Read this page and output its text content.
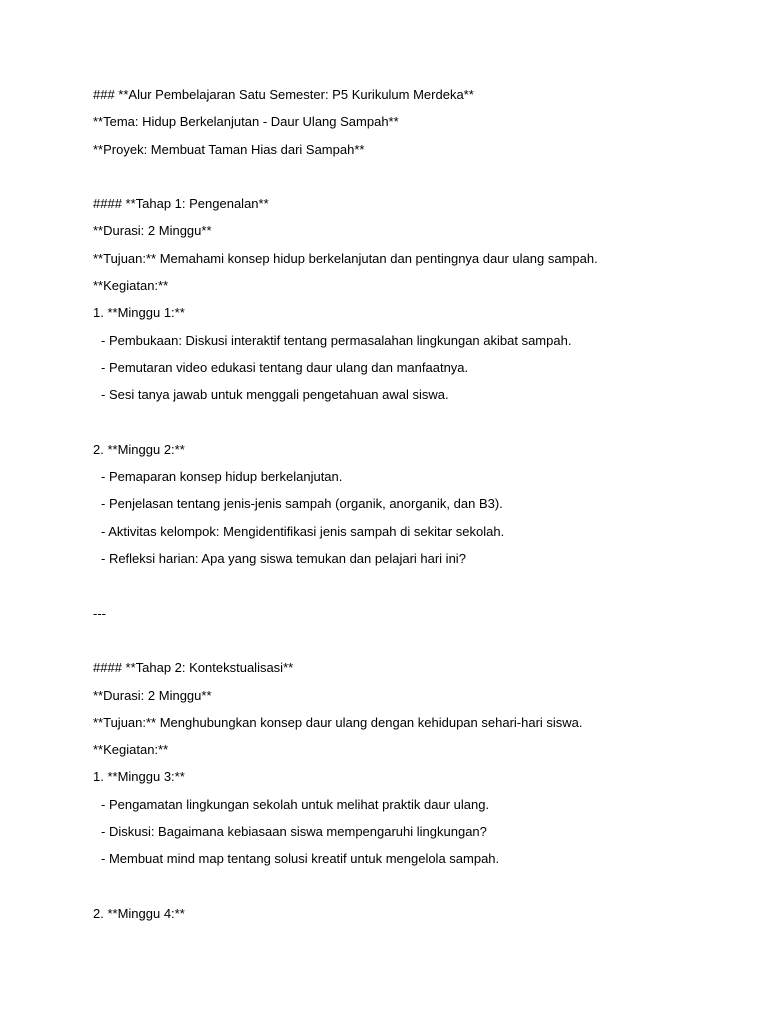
### **Alur Pembelajaran Satu Semester: P5 Kurikulum Merdeka**
**Tema: Hidup Berkelanjutan - Daur Ulang Sampah**
**Proyek: Membuat Taman Hias dari Sampah**
#### **Tahap 1: Pengenalan**
**Durasi: 2 Minggu**
**Tujuan:** Memahami konsep hidup berkelanjutan dan pentingnya daur ulang sampah.
**Kegiatan:**
1. **Minggu 1:**
- Pembukaan: Diskusi interaktif tentang permasalahan lingkungan akibat sampah.
- Pemutaran video edukasi tentang daur ulang dan manfaatnya.
- Sesi tanya jawab untuk menggali pengetahuan awal siswa.
2. **Minggu 2:**
- Pemaparan konsep hidup berkelanjutan.
- Penjelasan tentang jenis-jenis sampah (organik, anorganik, dan B3).
- Aktivitas kelompok: Mengidentifikasi jenis sampah di sekitar sekolah.
- Refleksi harian: Apa yang siswa temukan dan pelajari hari ini?
---
#### **Tahap 2: Kontekstualisasi**
**Durasi: 2 Minggu**
**Tujuan:** Menghubungkan konsep daur ulang dengan kehidupan sehari-hari siswa.
**Kegiatan:**
1. **Minggu 3:**
- Pengamatan lingkungan sekolah untuk melihat praktik daur ulang.
- Diskusi: Bagaimana kebiasaan siswa mempengaruhi lingkungan?
- Membuat mind map tentang solusi kreatif untuk mengelola sampah.
2. **Minggu 4:**
